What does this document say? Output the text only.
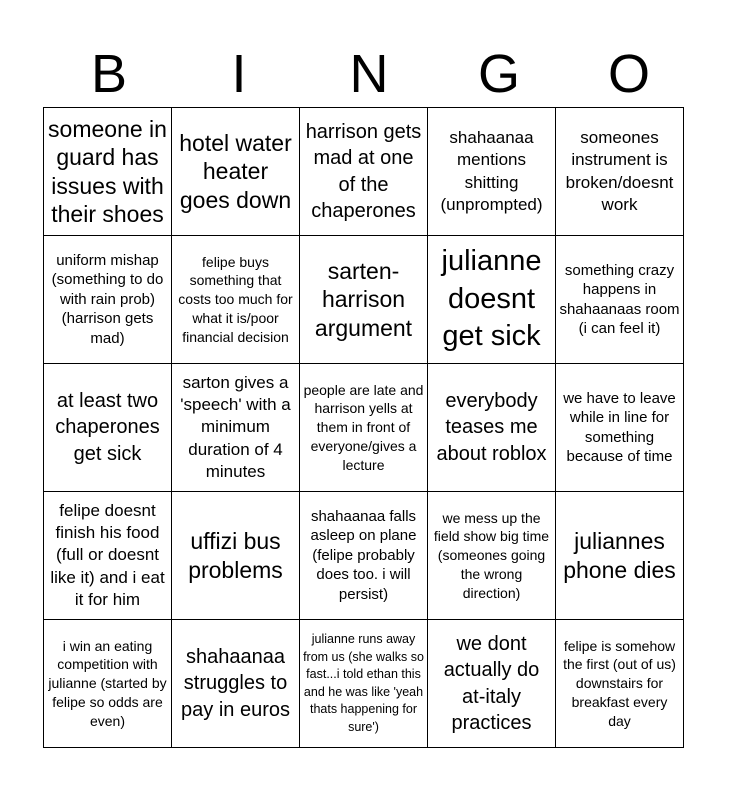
B	I	N	G	O
someone in guard has issues with their shoes	hotel water heater goes down	harrison gets mad at one of the chaperones	shahaanaa mentions shitting (unprompted)	someones instrument is broken/doesnt work

uniform mishap (something to do with rain prob) (harrison gets mad)	felipe buys something that costs too much for what it is/poor financial decision	sarten-harrison argument	julianne doesnt get sick	something crazy happens in shahaanaas room (i can feel it)

at least two chaperones get sick	sarton gives a 'speech' with a minimum duration of 4 minutes	people are late and harrison yells at them in front of everyone/gives a lecture	everybody teases me about roblox	we have to leave while in line for something because of time

felipe doesnt finish his food (full or doesnt like it) and i eat it for him	uffizi bus problems	shahaanaa falls asleep on plane (felipe probably does too. i will persist)	we mess up the field show big time (someones going the wrong direction)	juliannes phone dies

i win an eating competition with julianne (started by felipe so odds are even)	shahaanaa struggles to pay in euros	julianne runs away from us (she walks so fast...i told ethan this and he was like 'yeah thats happening for sure')	we dont actually do at-italy practices	felipe is somehow the first (out of us) downstairs for breakfast every day
